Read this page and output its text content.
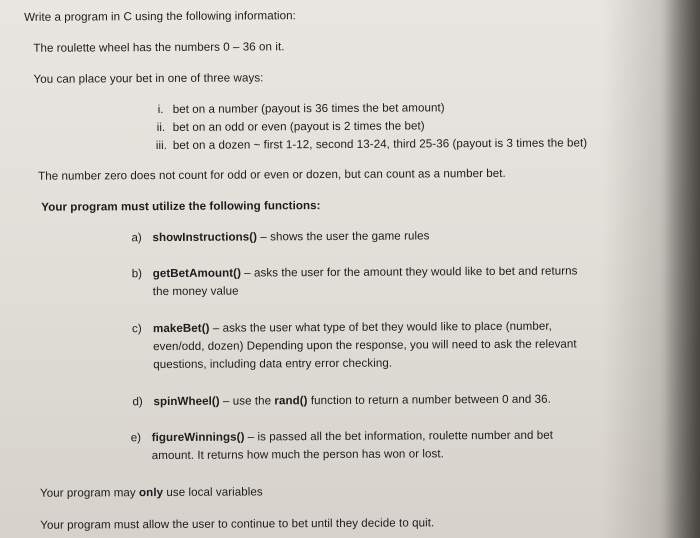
Write a program in C using the following information:
The roulette wheel has the numbers 0 – 36 on it.
You can place your bet in one of three ways:
i. bet on a number (payout is 36 times the bet amount)
ii. bet on an odd or even (payout is 2 times the bet)
iii. bet on a dozen ~ first 1-12, second 13-24, third 25-36 (payout is 3 times the bet)
The number zero does not count for odd or even or dozen, but can count as a number bet.
Your program must utilize the following functions:
a) showInstructions() – shows the user the game rules
b) getBetAmount() – asks the user for the amount they would like to bet and returns
the money value
c) makeBet() – asks the user what type of bet they would like to place (number,
even/odd, dozen) Depending upon the response, you will need to ask the relevant
questions, including data entry error checking.
d) spinWheel() – use the rand() function to return a number between 0 and 36.
e) figureWinnings() – is passed all the bet information, roulette number and bet
amount. It returns how much the person has won or lost.
Your program may only use local variables
Your program must allow the user to continue to bet until they decide to quit.
